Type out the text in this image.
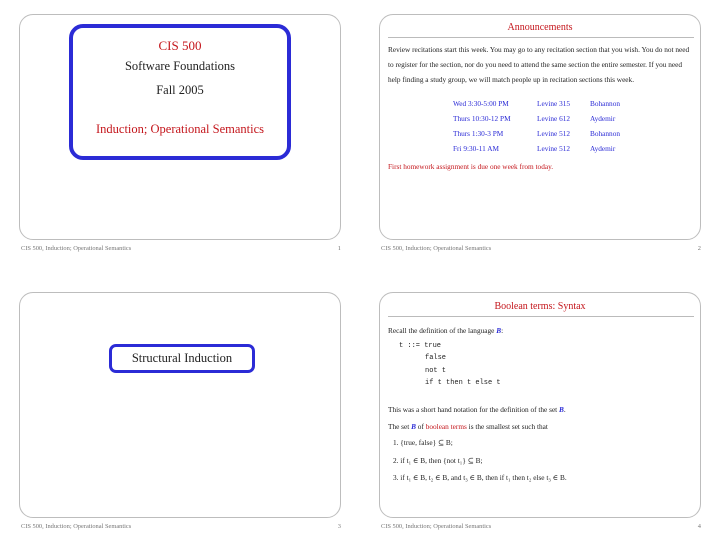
CIS 500
Software Foundations
Fall 2005
Induction; Operational Semantics
CIS 500, Induction; Operational Semantics	1
Announcements
Review recitations start this week. You may go to any recitation section that you wish. You do not need to register for the section, nor do you need to attend the same section the entire semester. If you need help finding a study group, we will match people up in recitation sections this week.
Wed 3:30-5:00 PM	Levine 315	Bohannon
Thurs 10:30-12 PM	Levine 612	Aydemir
Thurs 1:30-3 PM	Levine 512	Bohannon
Fri 9:30-11 AM	Levine 512	Aydemir
First homework assignment is due one week from today.
CIS 500, Induction; Operational Semantics	2
Structural Induction
CIS 500, Induction; Operational Semantics	3
Boolean terms: Syntax
Recall the definition of the language B:
t ::= true
false
not t
if t then t else t
This was a short hand notation for the definition of the set B.
The set B of boolean terms is the smallest set such that
1. {true, false} ⊆ B;
2. if t₁ ∈ B, then {not t₁} ⊆ B;
3. if t₁ ∈ B, t₂ ∈ B, and t₃ ∈ B, then if t₁ then t₂ else t₃ ∈ B.
CIS 500, Induction; Operational Semantics	4
